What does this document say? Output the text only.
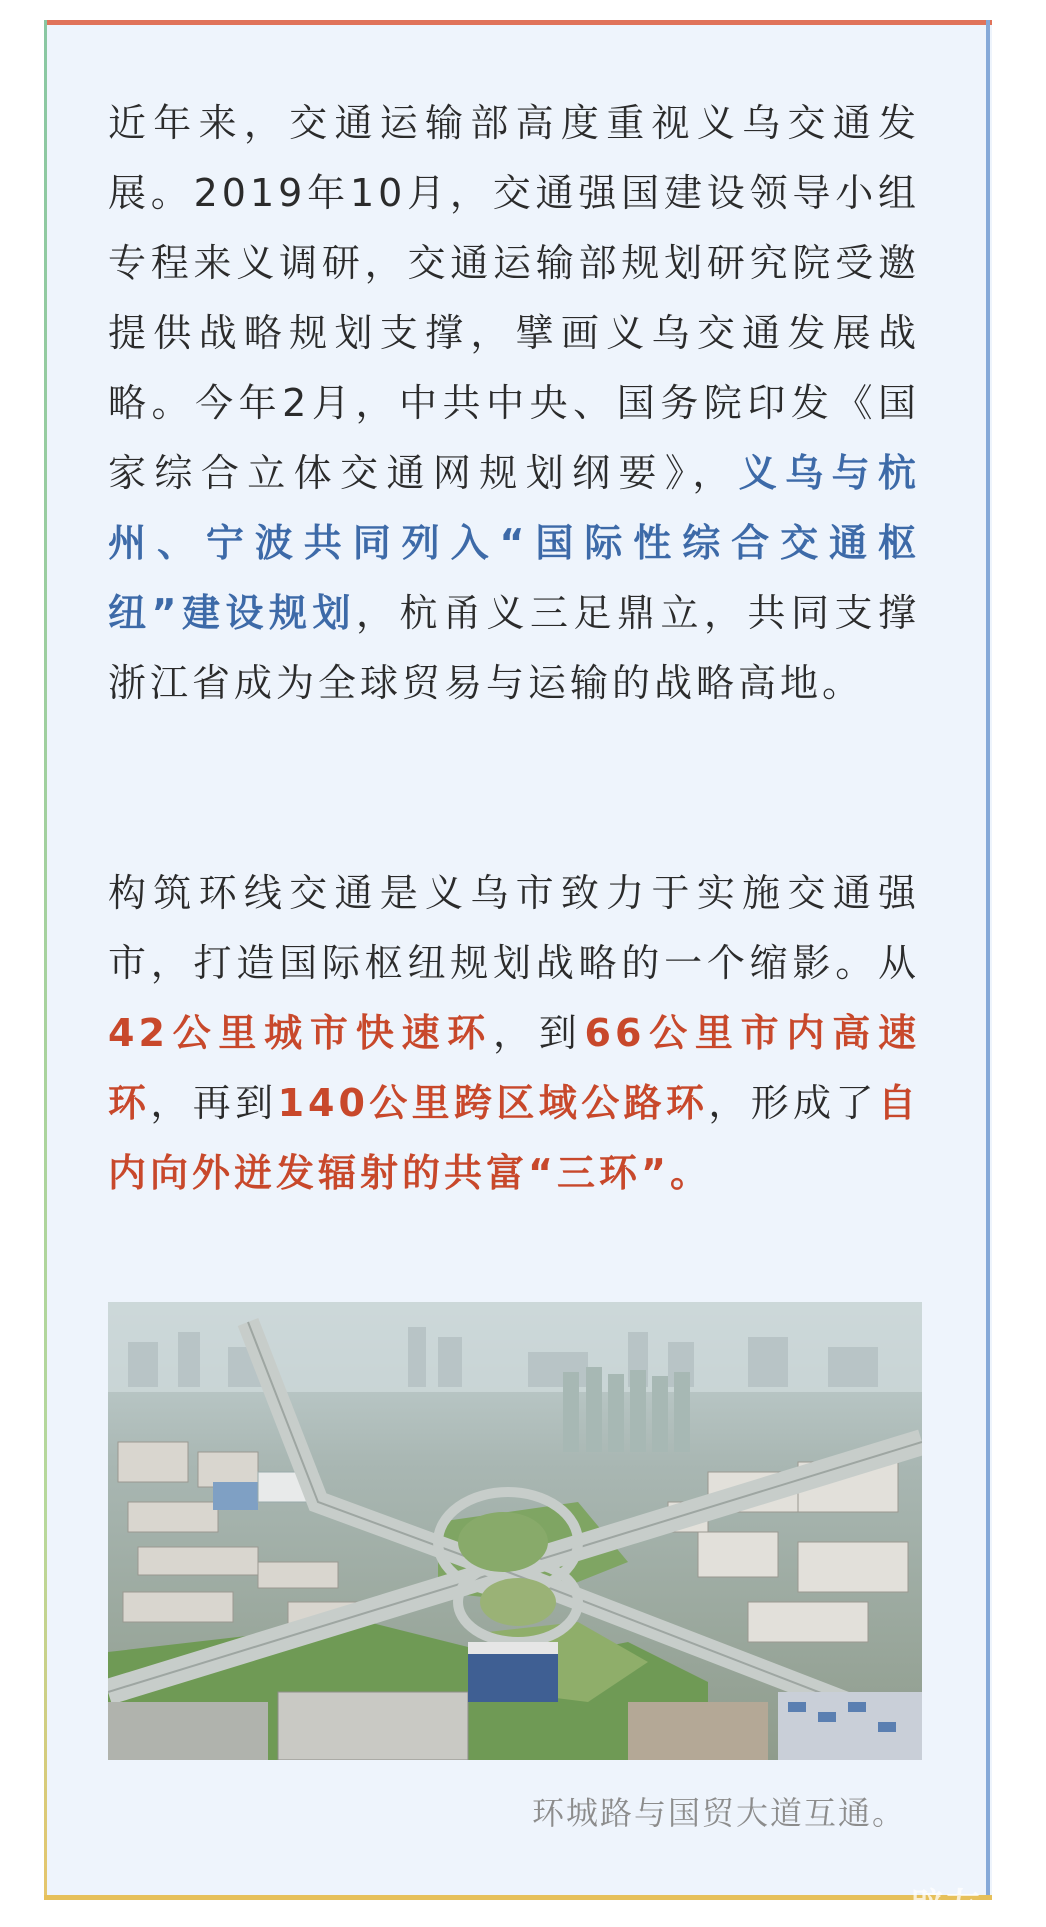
近年来，交通运输部高度重视义乌交通发展。2019年10月，交通强国建设领导小组专程来义调研，交通运输部规划研究院受邀提供战略规划支撑，擘画义乌交通发展战略。今年2月，中共中央、国务院印发《国家综合立体交通网规划纲要》，义乌与杭州、宁波共同列入“国际性综合交通枢纽”建设规划，杭甬义三足鼎立，共同支撑浙江省成为全球贸易与运输的战略高地。
构筑环线交通是义乌市致力于实施交通强市，打造国际枢纽规划战略的一个缩影。从42公里城市快速环，到66公里市内高速环，再到140公里跨区域公路环，形成了自内向外迸发辐射的共富“三环”。
环城路与国贸大道互通。
辟友
